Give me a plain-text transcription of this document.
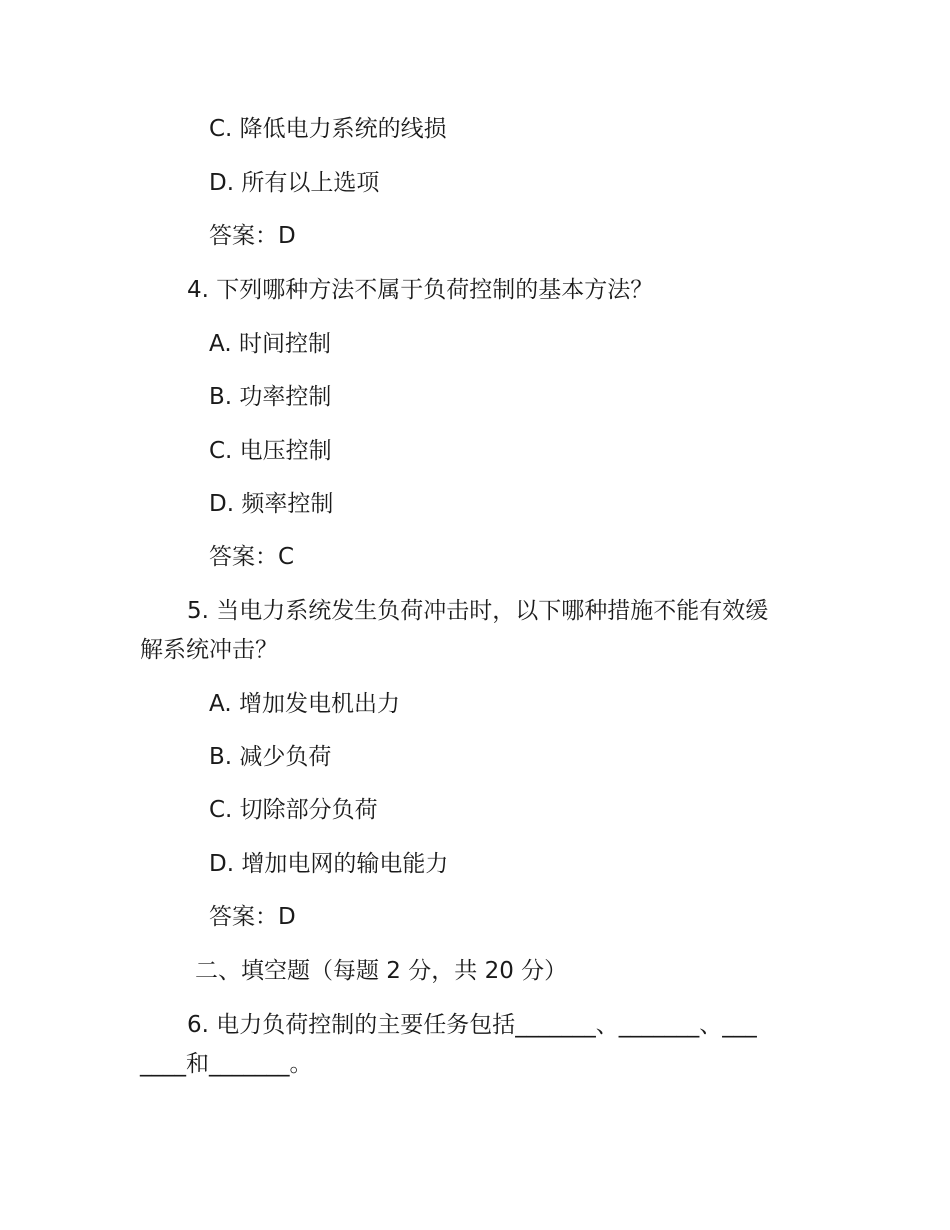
C. 降低电力系统的线损
D. 所有以上选项
答案：D
4. 下列哪种方法不属于负荷控制的基本方法？
A. 时间控制
B. 功率控制
C. 电压控制
D. 频率控制
答案：C
5. 当电力系统发生负荷冲击时，以下哪种措施不能有效缓
解系统冲击？
A. 增加发电机出力
B. 减少负荷
C. 切除部分负荷
D. 增加电网的输电能力
答案：D
二、填空题（每题 2 分，共 20 分）
6. 电力负荷控制的主要任务包括_______、_______、___
____和_______。
